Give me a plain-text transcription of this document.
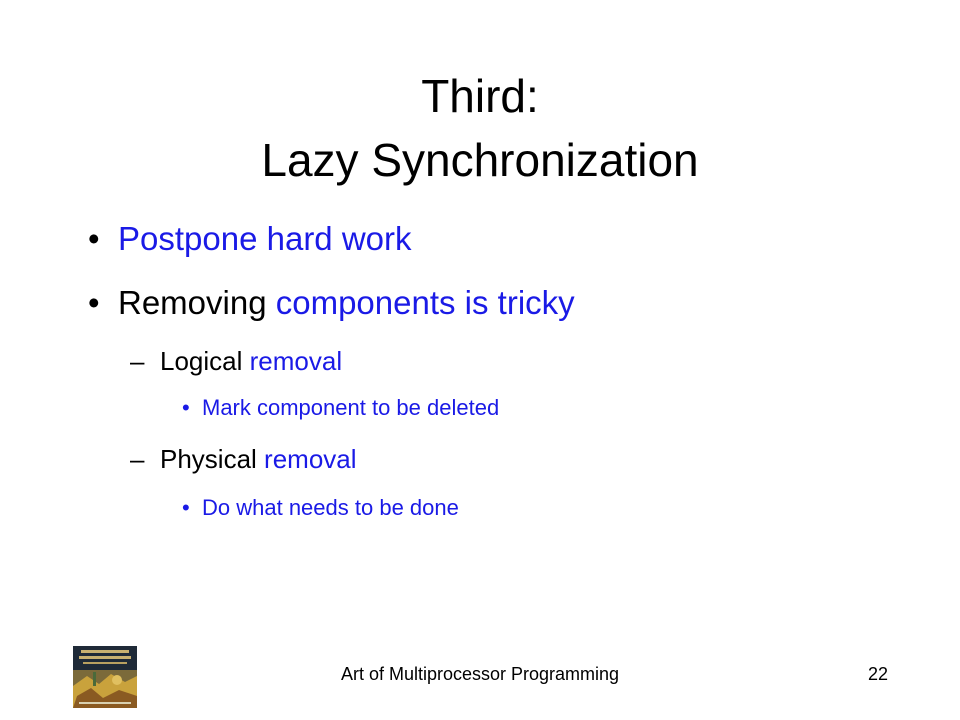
Third:
Lazy Synchronization
• Postpone hard work
• Removing components is tricky
– Logical removal
• Mark component to be deleted
– Physical removal
• Do what needs to be done
Art of Multiprocessor Programming	22
